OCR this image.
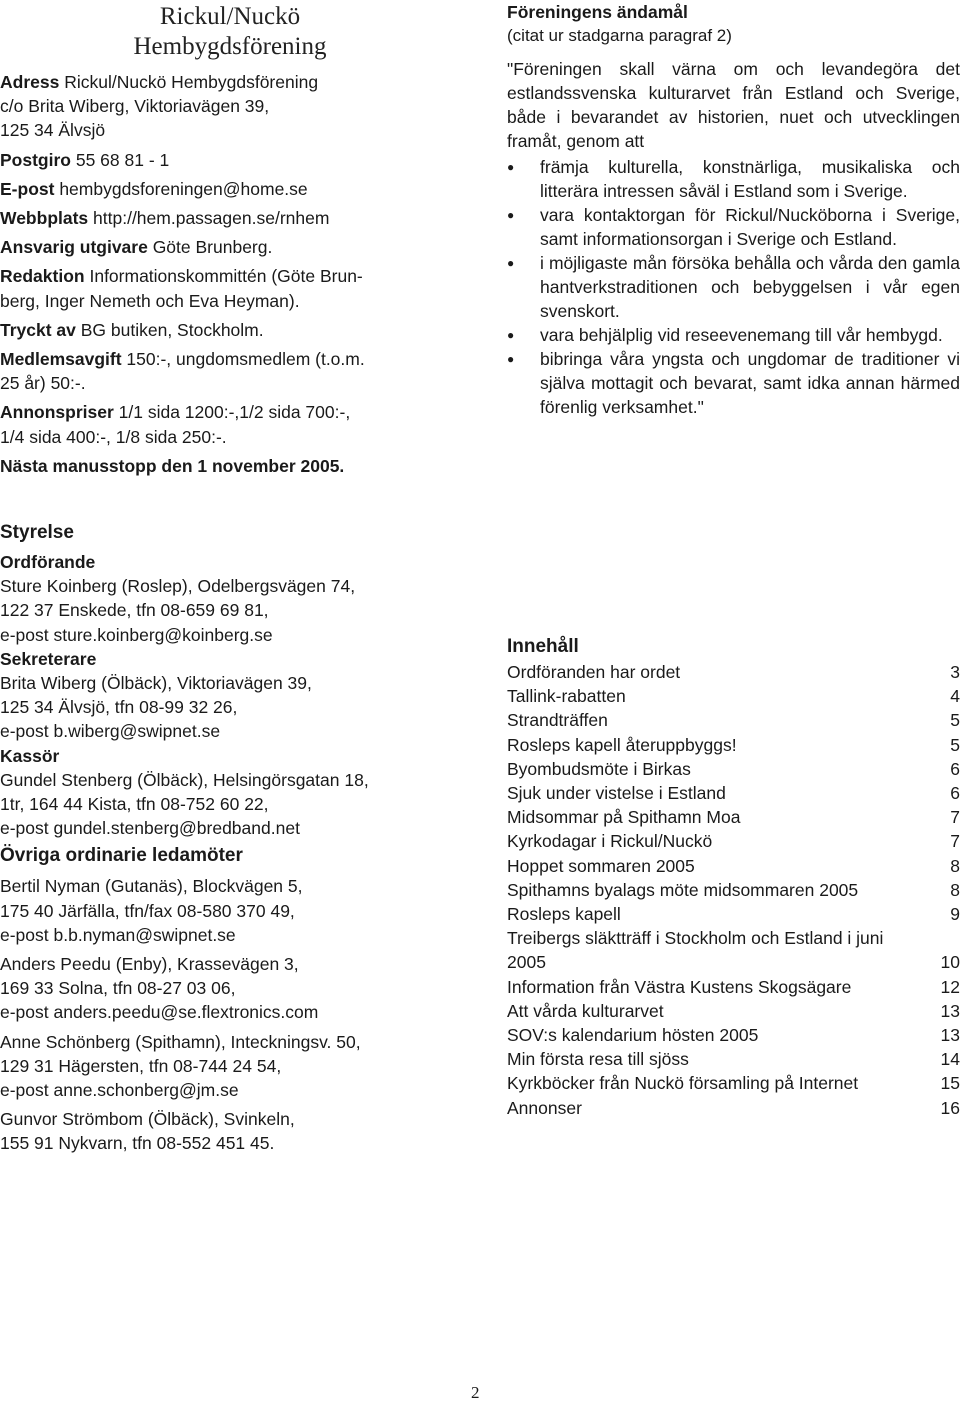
Rickul/Nuckö
Hembygdsförening

Adress Rickul/Nuckö Hembygdsförening

c/o Brita Wiberg, Viktoriavägen 39,

125 34 Älvsjö

Postgiro 55 68 81 - 1

E-post hembygdsforeningen@home.se

Webbplats http://hem.passagen.se/rnhem

Ansvarig utgivare Göte Brunberg.

Redaktion Informationskommittén (Göte Brun-

berg, Inger Nemeth och Eva Heyman).

Tryckt av BG butiken, Stockholm.

Medlemsavgift 150:-, ungdomsmedlem (t.o.m.

25 år) 50:-.

Annonspriser 1/1 sida 1200:-,1/2 sida 700:-,

1/4 sida 400:-, 1/8 sida 250:-.

Nästa manusstopp den 1 november 2005.

Föreningens ändamål

(citat ur stadgarna paragraf 2)

"Föreningen skall värna om och levandegöra det estlandssvenska kulturarvet från Estland och Sverige, både i bevarandet av historien, nuet och utvecklingen framåt, genom att

● främja kulturella, konstnärliga, musikaliska och litterära intressen såväl i Estland som i Sverige.
● vara kontaktorgan för Rickul/Nucköborna i Sverige, samt informationsorgan i Sverige och Estland.
● i möjligaste mån försöka behålla och vårda den gamla hantverkstraditionen och bebyggelsen i vår egen svenskort.
● vara behjälplig vid reseevenemang till vår hembygd.
● bibringa våra yngsta och ungdomar de traditioner vi själva mottagit och bevarat, samt idka annan härmed förenlig verksamhet."

Styrelse

Ordförande

Sture Koinberg (Roslep), Odelbergsvägen 74,

122 37 Enskede, tfn 08-659 69 81,

e-post sture.koinberg@koinberg.se

Sekreterare

Brita Wiberg (Ölbäck), Viktoriavägen 39,

125 34 Älvsjö, tfn 08-99 32 26,

e-post b.wiberg@swipnet.se

Kassör

Gundel Stenberg (Ölbäck), Helsingörsgatan 18,

1tr, 164 44 Kista, tfn 08-752 60 22,

e-post gundel.stenberg@bredband.net

Övriga ordinarie ledamöter

Bertil Nyman (Gutanäs), Blockvägen 5,

175 40 Järfälla, tfn/fax 08-580 370 49,

e-post b.b.nyman@swipnet.se

Anders Peedu (Enby), Krassevägen 3,

169 33 Solna, tfn 08-27 03 06,

e-post anders.peedu@se.flextronics.com

Anne Schönberg (Spithamn), Inteckningsv. 50,

129 31 Hägersten, tfn 08-744 24 54,

e-post anne.schonberg@jm.se

Gunvor Strömbom (Ölbäck), Svinkeln,

155 91 Nykvarn, tfn 08-552 451 45.

Innehåll
Ordföranden har ordet	3
Tallink-rabatten	4
Strandträffen	5
Rosleps kapell återuppbyggs!	5
Byombudsmöte i Birkas	6
Sjuk under vistelse i Estland	6
Midsommar på Spithamn Moa	7
Kyrkodagar i Rickul/Nuckö	7
Hoppet sommaren 2005	8
Spithamns byalags möte midsommaren 2005	8
Rosleps kapell	9
Treibergs släktträff i Stockholm och Estland i juni 2005	10
Information från Västra Kustens Skogsägare	12
Att vårda kulturarvet	13
SOV:s kalendarium hösten 2005	13
Min första resa till sjöss	14
Kyrkböcker från Nuckö församling på Internet	15
Annonser	16
2
